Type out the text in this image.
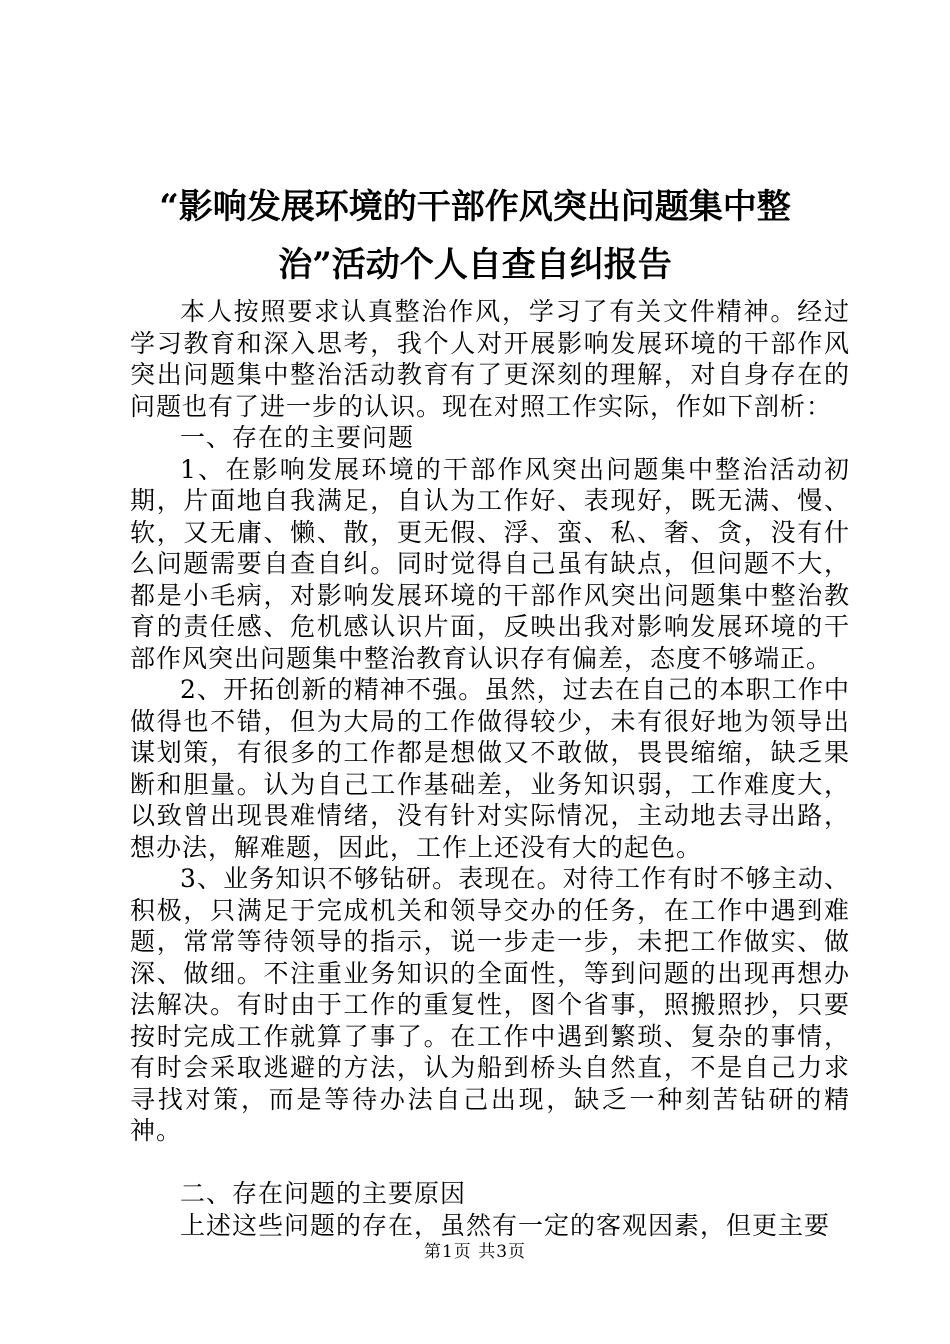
“影响发展环境的干部作风突出问题集中整
治”活动个人自查自纠报告

本人按照要求认真整治作风，学习了有关文件精神。经过学习教育和深入思考，我个人对开展影响发展环境的干部作风突出问题集中整治活动教育有了更深刻的理解，对自身存在的问题也有了进一步的认识。现在对照工作实际，作如下剖析：

一、存在的主要问题

1、在影响发展环境的干部作风突出问题集中整治活动初期，片面地自我满足，自认为工作好、表现好，既无满、慢、软，又无庸、懒、散，更无假、浮、蛮、私、奢、贪，没有什么问题需要自查自纠。同时觉得自己虽有缺点，但问题不大，都是小毛病，对影响发展环境的干部作风突出问题集中整治教育的责任感、危机感认识片面，反映出我对影响发展环境的干部作风突出问题集中整治教育认识存有偏差，态度不够端正。

2、开拓创新的精神不强。虽然，过去在自己的本职工作中做得也不错，但为大局的工作做得较少，未有很好地为领导出谋划策，有很多的工作都是想做又不敢做，畏畏缩缩，缺乏果断和胆量。认为自己工作基础差，业务知识弱，工作难度大，以致曾出现畏难情绪，没有针对实际情况，主动地去寻出路，想办法，解难题，因此，工作上还没有大的起色。

3、业务知识不够钻研。表现在。对待工作有时不够主动、积极，只满足于完成机关和领导交办的任务，在工作中遇到难题，常常等待领导的指示，说一步走一步，未把工作做实、做深、做细。不注重业务知识的全面性，等到问题的出现再想办法解决。有时由于工作的重复性，图个省事，照搬照抄，只要按时完成工作就算了事了。在工作中遇到繁琐、复杂的事情，有时会采取逃避的方法，认为船到桥头自然直，不是自己力求寻找对策，而是等待办法自己出现，缺乏一种刻苦钻研的精神。

二、存在问题的主要原因

上述这些问题的存在，虽然有一定的客观因素，但更主要

第1页 共3页
